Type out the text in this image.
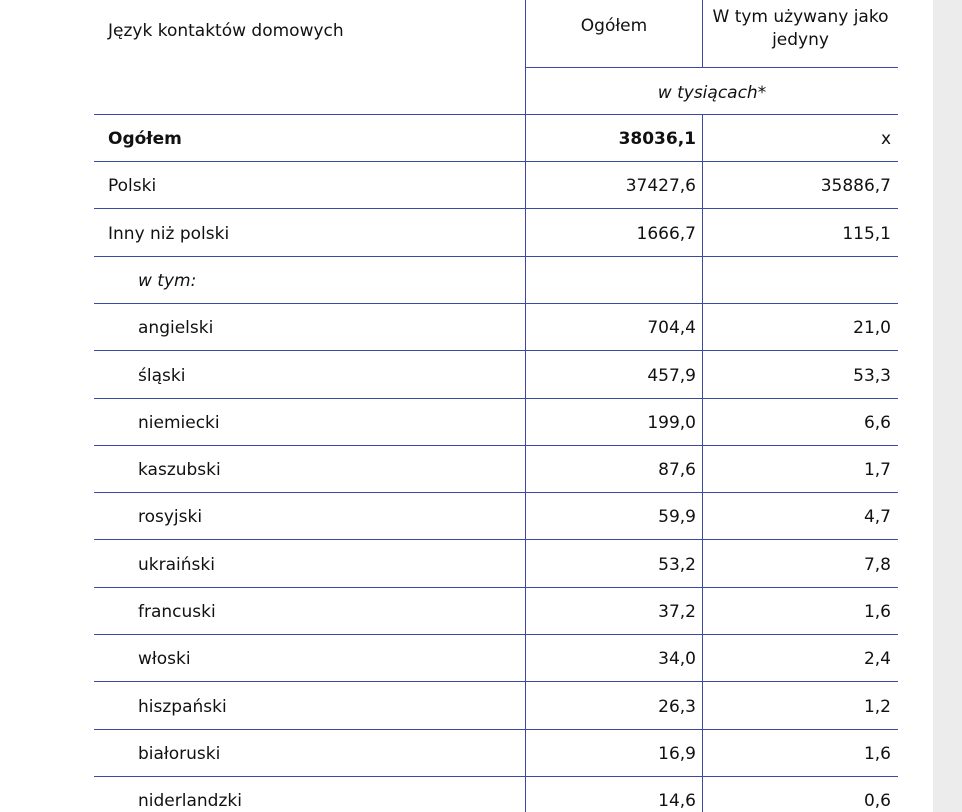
Język kontaktów domowych	Ogółem	W tym używany jako jedyny
w tysiącach*
Ogółem	38036,1	x
Polski	37427,6	35886,7
Inny niż polski	1666,7	115,1
w tym:
angielski	704,4	21,0
śląski	457,9	53,3
niemiecki	199,0	6,6
kaszubski	87,6	1,7
rosyjski	59,9	4,7
ukraiński	53,2	7,8
francuski	37,2	1,6
włoski	34,0	2,4
hiszpański	26,3	1,2
białoruski	16,9	1,6
niderlandzki	14,6	0,6
